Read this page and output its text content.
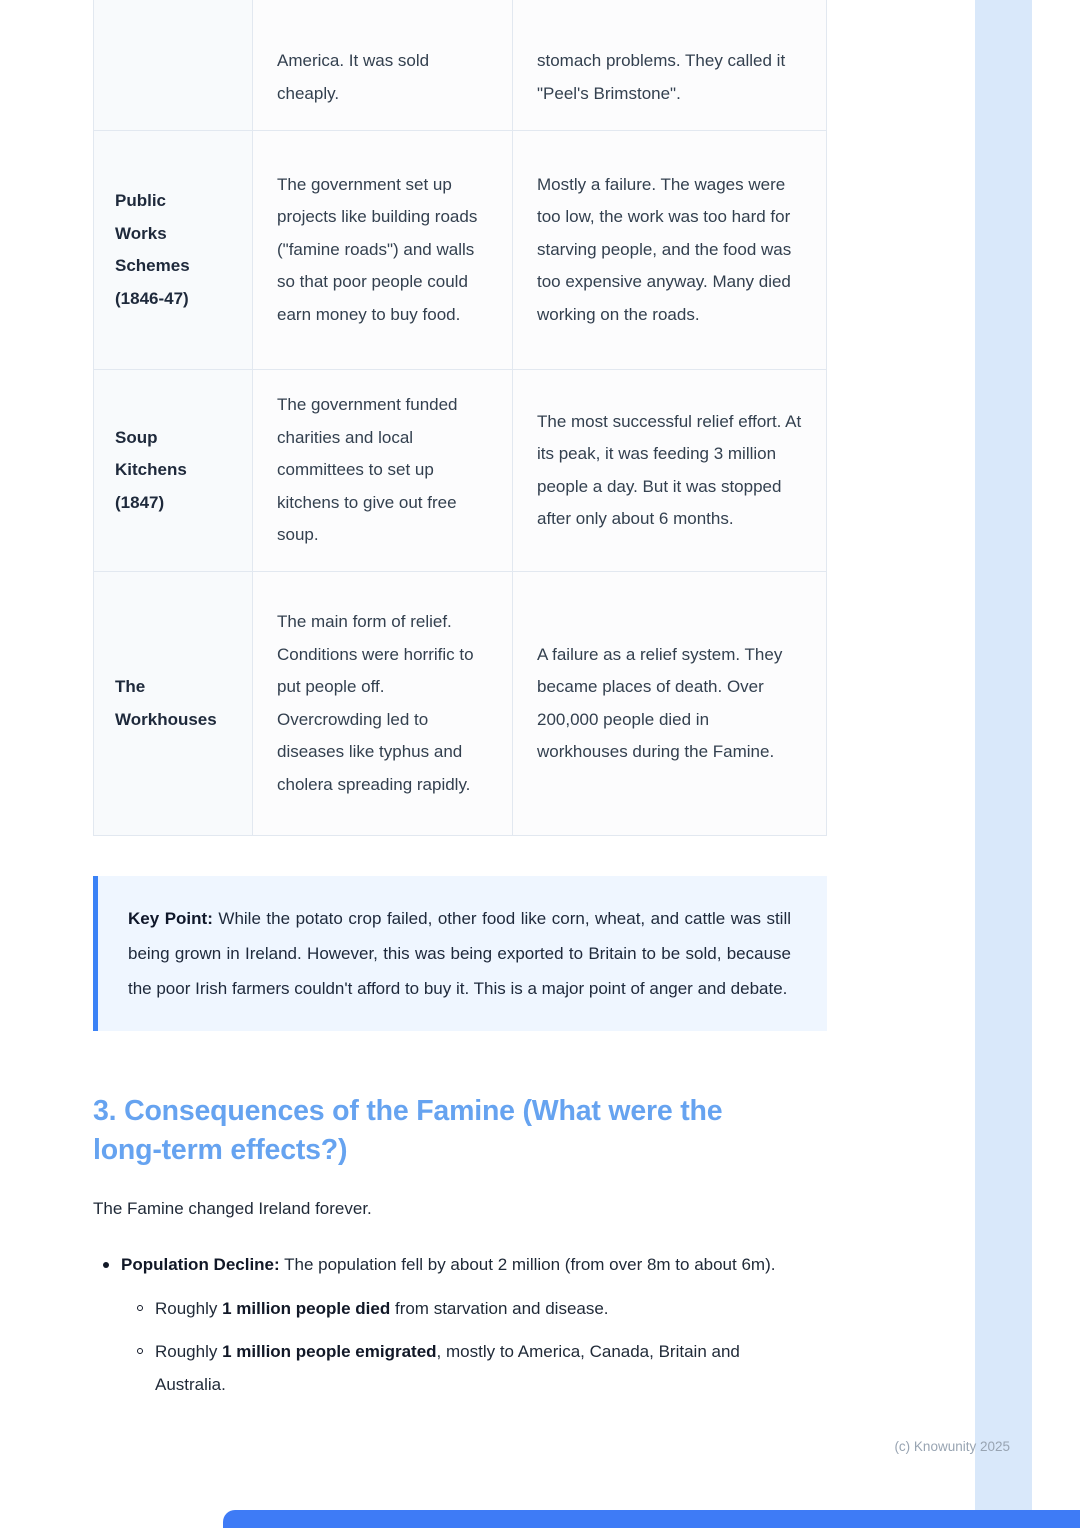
America. It was sold cheaply.
stomach problems. They called it "Peel's Brimstone".
Public Works Schemes (1846-47)
The government set up projects like building roads ("famine roads") and walls so that poor people could earn money to buy food.
Mostly a failure. The wages were too low, the work was too hard for starving people, and the food was too expensive anyway. Many died working on the roads.
Soup Kitchens (1847)
The government funded charities and local committees to set up kitchens to give out free soup.
The most successful relief effort. At its peak, it was feeding 3 million people a day. But it was stopped after only about 6 months.
The Workhouses
The main form of relief. Conditions were horrific to put people off. Overcrowding led to diseases like typhus and cholera spreading rapidly.
A failure as a relief system. They became places of death. Over 200,000 people died in workhouses during the Famine.
Key Point: While the potato crop failed, other food like corn, wheat, and cattle was still being grown in Ireland. However, this was being exported to Britain to be sold, because the poor Irish farmers couldn't afford to buy it. This is a major point of anger and debate.
3. Consequences of the Famine (What were the long-term effects?)

The Famine changed Ireland forever.

Population Decline: The population fell by about 2 million (from over 8m to about 6m).
Roughly 1 million people died from starvation and disease.
Roughly 1 million people emigrated, mostly to America, Canada, Britain and Australia.
(c) Knowunity 2025
